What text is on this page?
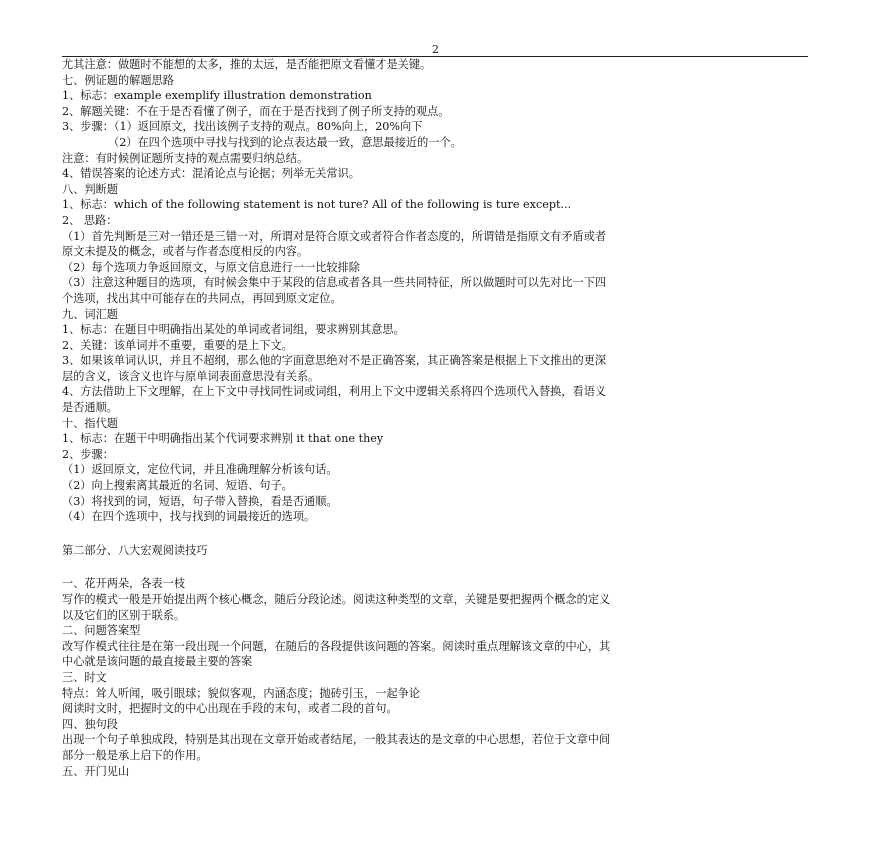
2
尤其注意：做题时不能想的太多，推的太远，是否能把原文看懂才是关键。
七、例证题的解题思路
1、标志：example exemplify illustration demonstration
2、解题关键：不在于是否看懂了例子，而在于是否找到了例子所支持的观点。
3、步骤：（1）返回原文，找出该例子支持的观点。80%向上，20%向下
（2）在四个选项中寻找与找到的论点表达最一致，意思最接近的一个。
注意：有时候例证题所支持的观点需要归纳总结。
4、错误答案的论述方式：混淆论点与论据；列举无关常识。
八、判断题
1、标志：which of the following statement is not ture? All of the following is ture except...
2、 思路：
（1）首先判断是三对一错还是三错一对，所谓对是符合原文或者符合作者态度的，所谓错是指原文有矛盾或者
原文未提及的概念，或者与作者态度相反的内容。
（2）每个选项力争返回原文，与原文信息进行一一比较排除
（3）注意这种题目的选项，有时候会集中于某段的信息或者各具一些共同特征，所以做题时可以先对比一下四
个选项，找出其中可能存在的共同点，再回到原文定位。
九、词汇题
1、标志：在题目中明确指出某处的单词或者词组，要求辨别其意思。
2、关键：该单词并不重要，重要的是上下文。
3、如果该单词认识，并且不超纲，那么他的字面意思绝对不是正确答案，其正确答案是根据上下文推出的更深
层的含义，该含义也许与原单词表面意思没有关系。
4、方法借助上下文理解，在上下文中寻找同性词或词组，利用上下文中逻辑关系将四个选项代入替换，看语义
是否通顺。
十、指代题
1、标志：在题干中明确指出某个代词要求辨别 it that one they
2、步骤：
（1）返回原文，定位代词，并且准确理解分析该句话。
（2）向上搜索离其最近的名词、短语、句子。
（3）将找到的词，短语，句子带入替换，看是否通顺。
（4）在四个选项中，找与找到的词最接近的选项。
第二部分、八大宏观阅读技巧
一、花开两朵，各表一枝
写作的模式一般是开始提出两个核心概念，随后分段论述。阅读这种类型的文章，关键是要把握两个概念的定义
以及它们的区别于联系。
二、问题答案型
改写作模式往往是在第一段出现一个问题，在随后的各段提供该问题的答案。阅读时重点理解该文章的中心，其
中心就是该问题的最直接最主要的答案
三、时文
特点：耸人听闻，吸引眼球；貌似客观，内涵态度；抛砖引玉，一起争论
阅读时文时，把握时文的中心出现在手段的末句，或者二段的首句。
四、独句段
出现一个句子单独成段，特别是其出现在文章开始或者结尾，一般其表达的是文章的中心思想，若位于文章中间
部分一般是承上启下的作用。
五、开门见山
